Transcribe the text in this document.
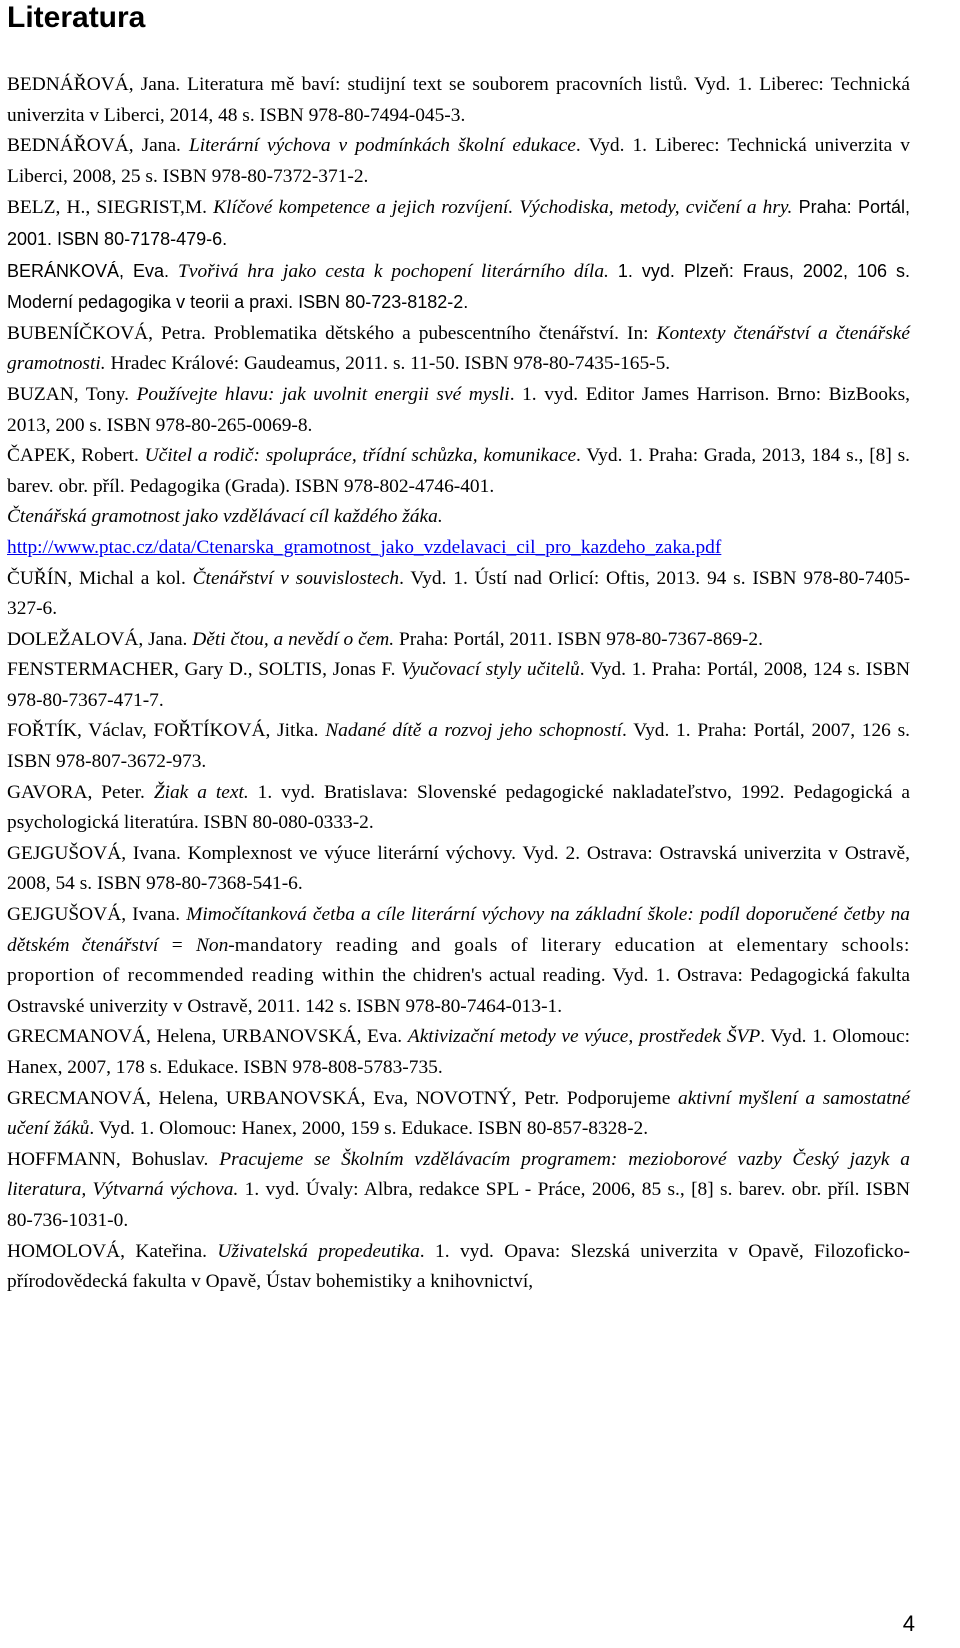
Literatura

BEDNÁŘOVÁ, Jana. Literatura mě baví: studijní text se souborem pracovních listů. Vyd. 1. Liberec: Technická univerzita v Liberci, 2014, 48 s. ISBN 978-80-7494-045-3.

BEDNÁŘOVÁ, Jana. Literární výchova v podmínkách školní edukace. Vyd. 1. Liberec: Technická univerzita v Liberci, 2008, 25 s. ISBN 978-80-7372-371-2.

BELZ, H., SIEGRIST,M. Klíčové kompetence a jejich rozvíjení. Východiska, metody, cvičení a hry. Praha: Portál, 2001. ISBN 80-7178-479-6.

BERÁNKOVÁ, Eva. Tvořivá hra jako cesta k pochopení literárního díla. 1. vyd. Plzeň: Fraus, 2002, 106 s. Moderní pedagogika v teorii a praxi. ISBN 80-723-8182-2.

BUBENÍČKOVÁ, Petra. Problematika dětského a pubescentního čtenářství. In: Kontexty čtenářství a čtenářské gramotnosti. Hradec Králové: Gaudeamus, 2011. s. 11-50. ISBN 978-80-7435-165-5.

BUZAN, Tony. Používejte hlavu: jak uvolnit energii své mysli. 1. vyd. Editor James Harrison. Brno: BizBooks, 2013, 200 s. ISBN 978-80-265-0069-8.

ČAPEK, Robert. Učitel a rodič: spolupráce, třídní schůzka, komunikace. Vyd. 1. Praha: Grada, 2013, 184 s., [8] s. barev. obr. příl. Pedagogika (Grada). ISBN 978-802-4746-401.

Čtenářská gramotnost jako vzdělávací cíl každého žáka.
http://www.ptac.cz/data/Ctenarska_gramotnost_jako_vzdelavaci_cil_pro_kazdeho_zaka.pdf

ČUŘÍN, Michal a kol. Čtenářství v souvislostech. Vyd. 1. Ústí nad Orlicí: Oftis, 2013. 94 s. ISBN 978-80-7405-327-6.

DOLEŽALOVÁ, Jana. Děti čtou, a nevědí o čem. Praha: Portál, 2011. ISBN 978-80-7367-869-2.

FENSTERMACHER, Gary D., SOLTIS, Jonas F. Vyučovací styly učitelů. Vyd. 1. Praha: Portál, 2008, 124 s. ISBN 978-80-7367-471-7.

FOŘTÍK, Václav, FOŘTÍKOVÁ, Jitka. Nadané dítě a rozvoj jeho schopností. Vyd. 1. Praha: Portál, 2007, 126 s. ISBN 978-807-3672-973.

GAVORA, Peter. Žiak a text. 1. vyd. Bratislava: Slovenské pedagogické nakladateľstvo, 1992. Pedagogická a psychologická literatúra. ISBN 80-080-0333-2.

GEJGUŠOVÁ, Ivana. Komplexnost ve výuce literární výchovy. Vyd. 2. Ostrava: Ostravská univerzita v Ostravě, 2008, 54 s. ISBN 978-80-7368-541-6.

GEJGUŠOVÁ, Ivana. Mimočítanková četba a cíle literární výchovy na základní škole: podíl doporučené četby na dětském čtenářství = Non-mandatory reading and goals of literary education at elementary schools: proportion of recommended reading within the chidren's actual reading. Vyd. 1. Ostrava: Pedagogická fakulta Ostravské univerzity v Ostravě, 2011. 142 s. ISBN 978-80-7464-013-1.

GRECMANOVÁ, Helena, URBANOVSKÁ, Eva. Aktivizační metody ve výuce, prostředek ŠVP. Vyd. 1. Olomouc: Hanex, 2007, 178 s. Edukace. ISBN 978-808-5783-735.

GRECMANOVÁ, Helena, URBANOVSKÁ, Eva, NOVOTNÝ, Petr. Podporujeme aktivní myšlení a samostatné učení žáků. Vyd. 1. Olomouc: Hanex, 2000, 159 s. Edukace. ISBN 80-857-8328-2.

HOFFMANN, Bohuslav. Pracujeme se Školním vzdělávacím programem: mezioborové vazby Český jazyk a literatura, Výtvarná výchova. 1. vyd. Úvaly: Albra, redakce SPL - Práce, 2006, 85 s., [8] s. barev. obr. příl. ISBN 80-736-1031-0.

HOMOLOVÁ, Kateřina. Uživatelská propedeutika. 1. vyd. Opava: Slezská univerzita v Opavě, Filozoficko-přírodovědecká fakulta v Opavě, Ústav bohemistiky a knihovnictví,

4
